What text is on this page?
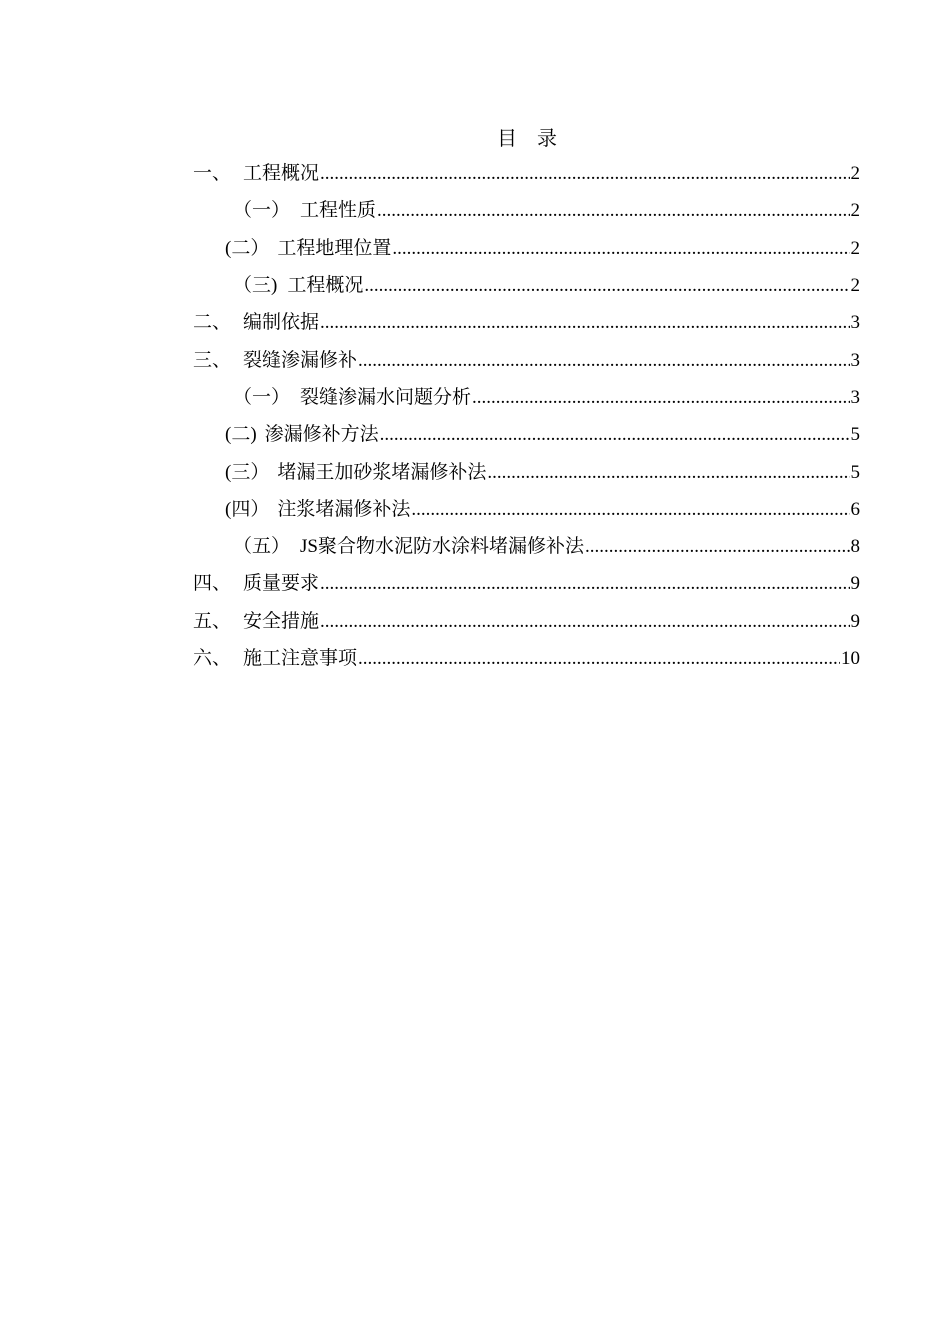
目    录
一、 工程概况 .....	2
（一） 工程性质 .....	2
(二） 工程地理位置 .....	2
（三) 工程概况 .....	2
二、 编制依据 .....	3
三、 裂缝渗漏修补 .....	3
（一） 裂缝渗漏水问题分析 .....	3
(二) 渗漏修补方法 .....	5
(三） 堵漏王加砂浆堵漏修补法 .....	5
(四） 注浆堵漏修补法 .....	6
（五） JS聚合物水泥防水涂料堵漏修补法 .....	8
四、 质量要求 .....	9
五、 安全措施 .....	9
六、 施工注意事项 .....	10
